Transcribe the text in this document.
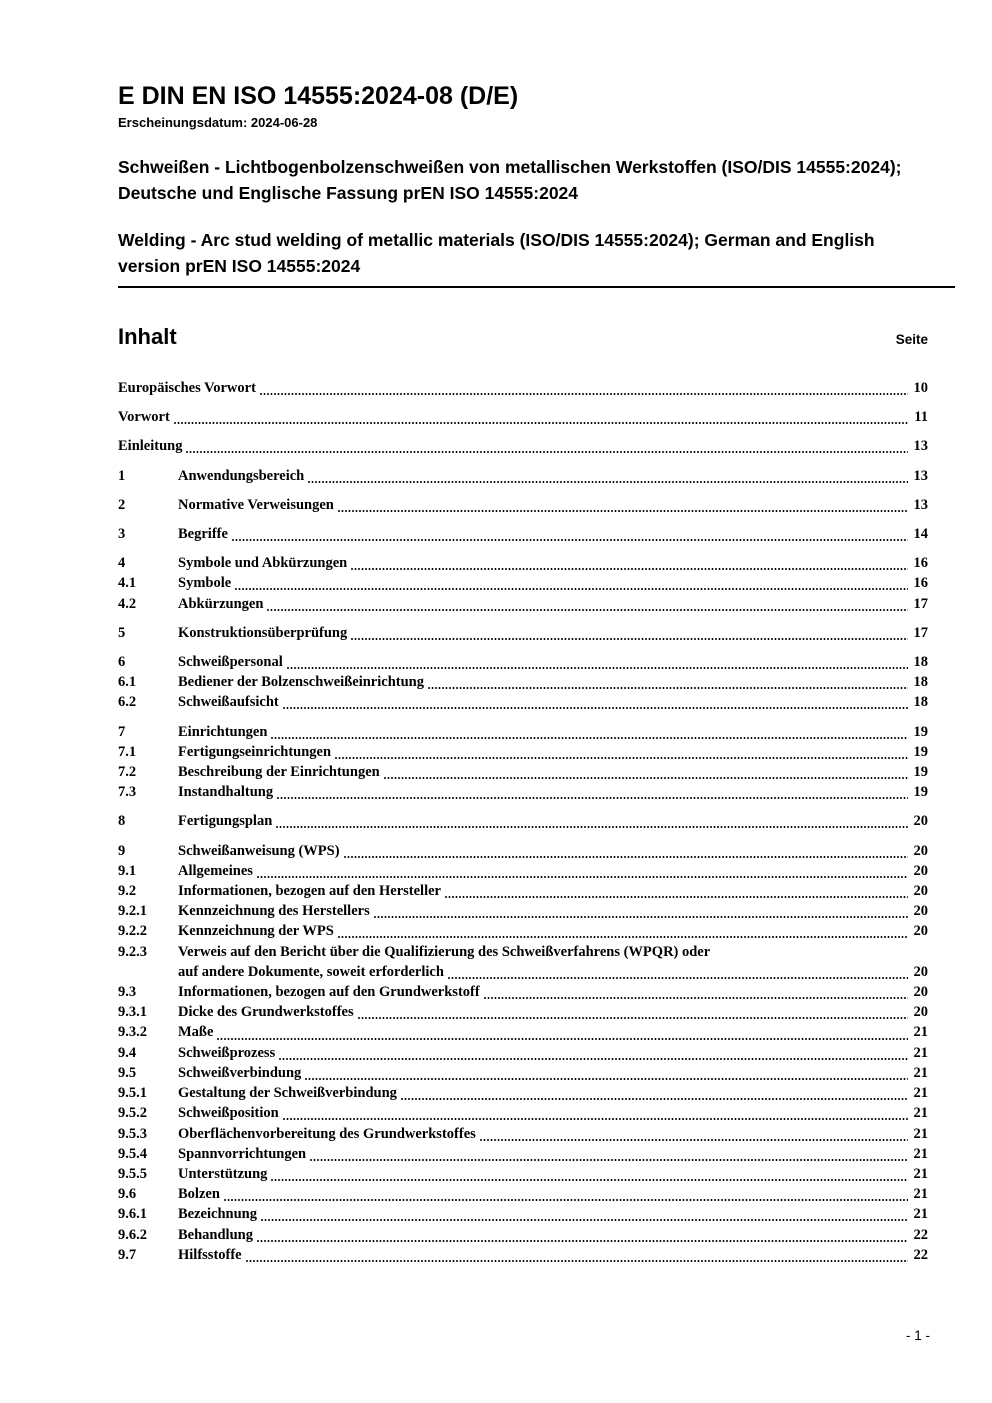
E DIN EN ISO 14555:2024-08 (D/E)
Erscheinungsdatum: 2024-06-28

Schweißen - Lichtbogenbolzenschweißen von metallischen Werkstoffen (ISO/DIS 14555:2024); Deutsche und Englische Fassung prEN ISO 14555:2024

Welding - Arc stud welding of metallic materials (ISO/DIS 14555:2024); German and English version prEN ISO 14555:2024

Inhalt	Seite
Europäisches Vorwort	10
Vorwort	11
Einleitung	13
1	Anwendungsbereich	13
2	Normative Verweisungen	13
3	Begriffe	14
4	Symbole und Abkürzungen	16
4.1	Symbole	16
4.2	Abkürzungen	17
5	Konstruktionsüberprüfung	17
6	Schweißpersonal	18
6.1	Bediener der Bolzenschweißeinrichtung	18
6.2	Schweißaufsicht	18
7	Einrichtungen	19
7.1	Fertigungseinrichtungen	19
7.2	Beschreibung der Einrichtungen	19
7.3	Instandhaltung	19
8	Fertigungsplan	20
9	Schweißanweisung (WPS)	20
9.1	Allgemeines	20
9.2	Informationen, bezogen auf den Hersteller	20
9.2.1	Kennzeichnung des Herstellers	20
9.2.2	Kennzeichnung der WPS	20
9.2.3	Verweis auf den Bericht über die Qualifizierung des Schweißverfahrens (WPQR) oder
auf andere Dokumente, soweit erforderlich	20
9.3	Informationen, bezogen auf den Grundwerkstoff	20
9.3.1	Dicke des Grundwerkstoffes	20
9.3.2	Maße	21
9.4	Schweißprozess	21
9.5	Schweißverbindung	21
9.5.1	Gestaltung der Schweißverbindung	21
9.5.2	Schweißposition	21
9.5.3	Oberflächenvorbereitung des Grundwerkstoffes	21
9.5.4	Spannvorrichtungen	21
9.5.5	Unterstützung	21
9.6	Bolzen	21
9.6.1	Bezeichnung	21
9.6.2	Behandlung	22
9.7	Hilfsstoffe	22
- 1 -
